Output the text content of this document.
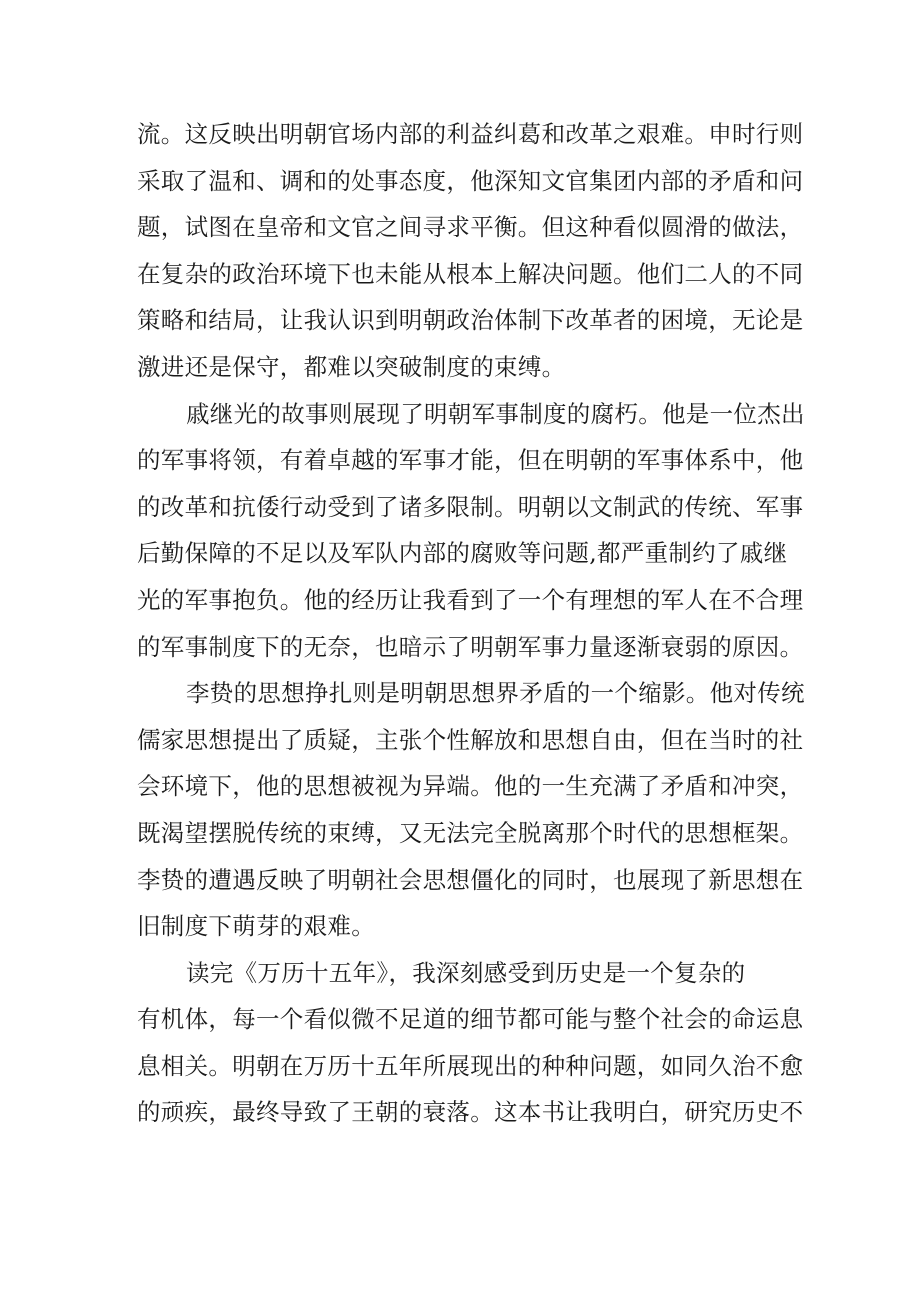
流。这反映出明朝官场内部的利益纠葛和改革之艰难。申时行则
采取了温和、调和的处事态度，他深知文官集团内部的矛盾和问
题，试图在皇帝和文官之间寻求平衡。但这种看似圆滑的做法，
在复杂的政治环境下也未能从根本上解决问题。他们二人的不同
策略和结局，让我认识到明朝政治体制下改革者的困境，无论是
激进还是保守，都难以突破制度的束缚。
戚继光的故事则展现了明朝军事制度的腐朽。他是一位杰出
的军事将领，有着卓越的军事才能，但在明朝的军事体系中，他
的改革和抗倭行动受到了诸多限制。明朝以文制武的传统、军事
后勤保障的不足以及军队内部的腐败等问题,都严重制约了戚继
光的军事抱负。他的经历让我看到了一个有理想的军人在不合理
的军事制度下的无奈，也暗示了明朝军事力量逐渐衰弱的原因。
李贽的思想挣扎则是明朝思想界矛盾的一个缩影。他对传统
儒家思想提出了质疑，主张个性解放和思想自由，但在当时的社
会环境下，他的思想被视为异端。他的一生充满了矛盾和冲突，
既渴望摆脱传统的束缚，又无法完全脱离那个时代的思想框架。
李贽的遭遇反映了明朝社会思想僵化的同时，也展现了新思想在
旧制度下萌芽的艰难。
读完《万历十五年》，我深刻感受到历史是一个复杂的
有机体，每一个看似微不足道的细节都可能与整个社会的命运息
息相关。明朝在万历十五年所展现出的种种问题，如同久治不愈
的顽疾，最终导致了王朝的衰落。这本书让我明白，研究历史不
